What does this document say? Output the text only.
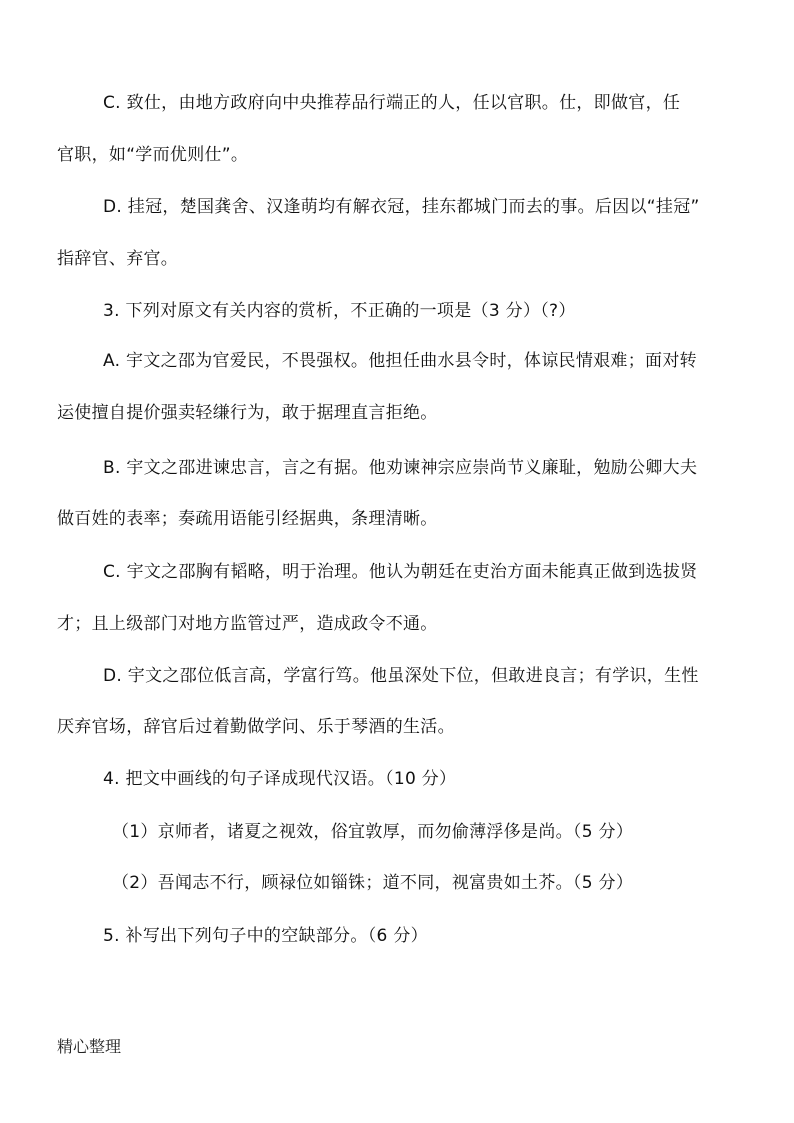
C. 致仕，由地方政府向中央推荐品行端正的人，任以官职。仕，即做官，任
官职，如“学而优则仕”。
D. 挂冠，楚国龚舍、汉逢萌均有解衣冠，挂东都城门而去的事。后因以“挂冠”
指辞官、弃官。
3. 下列对原文有关内容的赏析，不正确的一项是（3 分）（?）
A. 宇文之邵为官爱民，不畏强权。他担任曲水县令时，体谅民情艰难；面对转
运使擅自提价强卖轻缣行为，敢于据理直言拒绝。
B. 宇文之邵进谏忠言，言之有据。他劝谏神宗应崇尚节义廉耻，勉励公卿大夫
做百姓的表率；奏疏用语能引经据典，条理清晰。
C. 宇文之邵胸有韬略，明于治理。他认为朝廷在吏治方面未能真正做到选拔贤
才；且上级部门对地方监管过严，造成政令不通。
D. 宇文之邵位低言高，学富行笃。他虽深处下位，但敢进良言；有学识，生性
厌弃官场，辞官后过着勤做学问、乐于琴酒的生活。
4. 把文中画线的句子译成现代汉语。（10 分）
（1）京师者，诸夏之视效，俗宜敦厚，而勿偷薄浮侈是尚。（5 分）
（2）吾闻志不行，顾禄位如锱铢；道不同，视富贵如土芥。（5 分）
5. 补写出下列句子中的空缺部分。（6 分）
精心整理
